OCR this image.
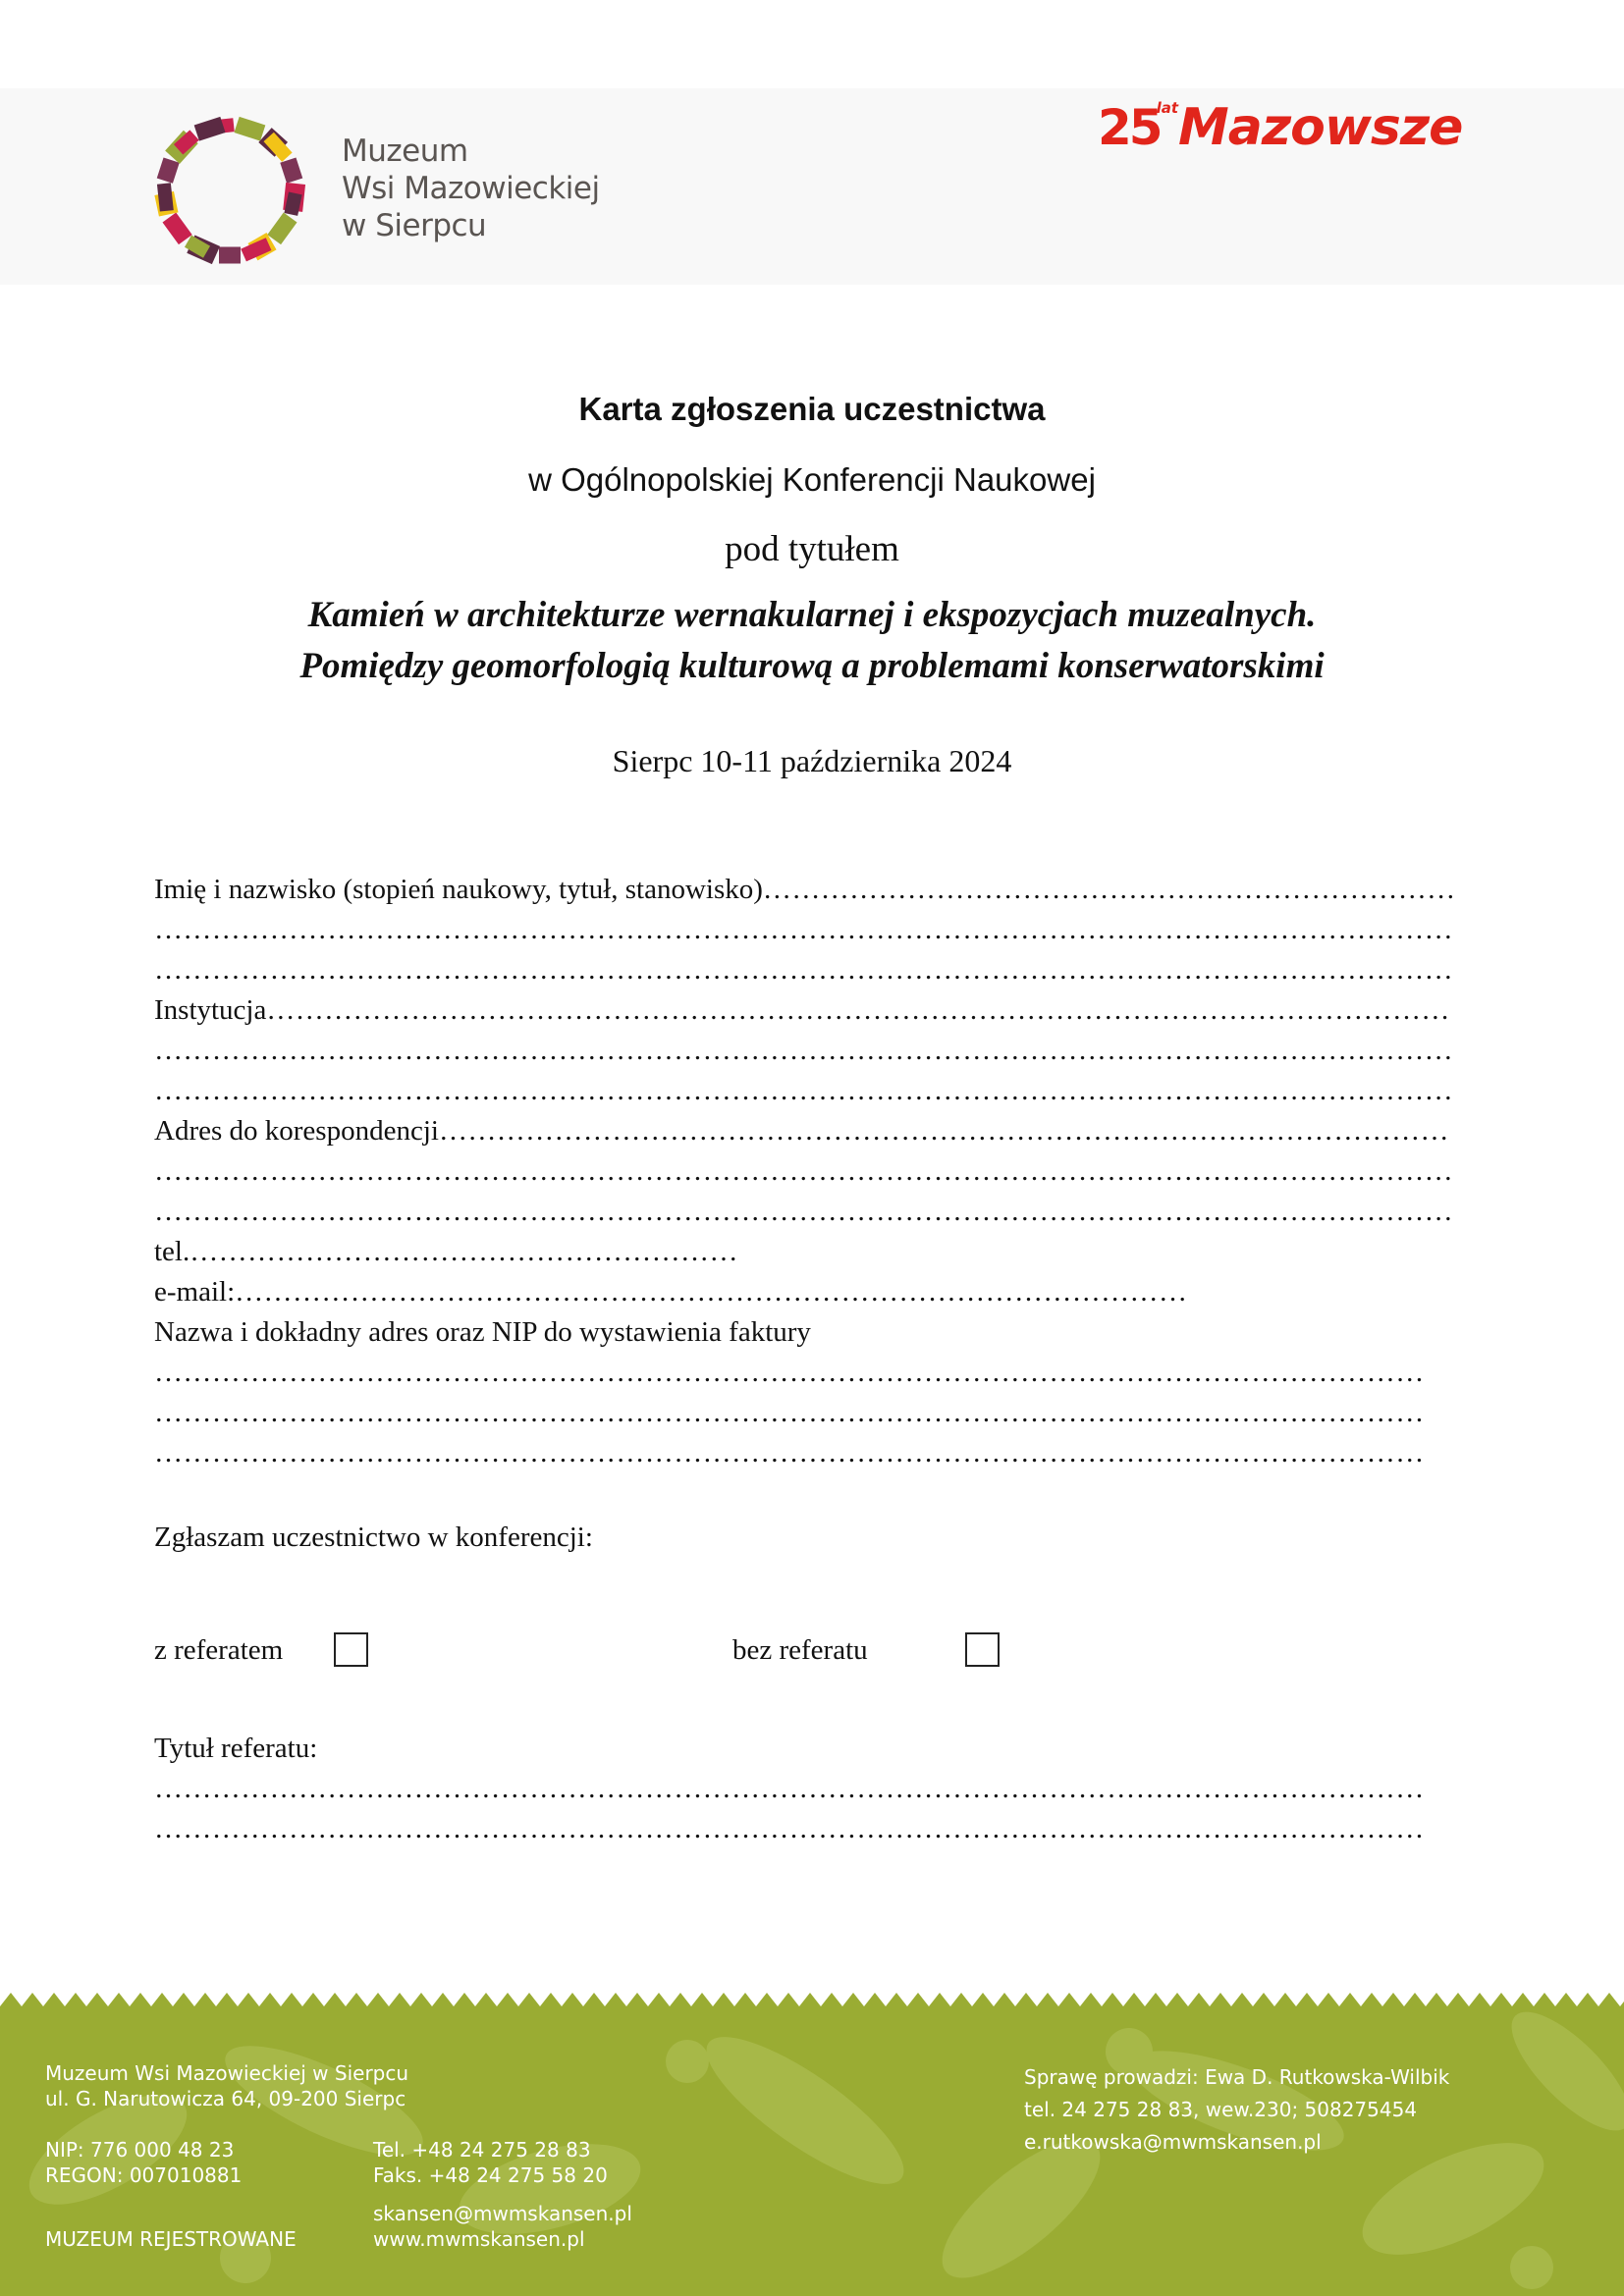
Muzeum
Wsi Mazowieckiej
w Sierpcu
25latMazowsze
Karta zgłoszenia uczestnictwa
w Ogólnopolskiej Konferencji Naukowej
pod tytułem
Kamień w architekturze wernakularnej i ekspozycjach muzealnych.
Pomiędzy geomorfologią kulturową a problemami konserwatorskimi
Sierpc 10-11 października 2024
Imię i nazwisko (stopień naukowy, tytuł, stanowisko)………………………………………………………………
………………………………………………………………………………………………………………………
………………………………………………………………………………………………………………………
Instytucja……………………………………………………………………………………………………………
………………………………………………………………………………………………………………………
………………………………………………………………………………………………………………………
Adres do korespondencji……………………………………………………………………………………………
………………………………………………………………………………………………………………………
………………………………………………………………………………………………………………………
tel.…………………………………………………
e-mail:………………………………………………………………………………………
Nazwa i dokładny adres oraz NIP do wystawienia faktury
……………………………………………………………………………………………………………………
……………………………………………………………………………………………………………………
……………………………………………………………………………………………………………………
Zgłaszam uczestnictwo w konferencji:
z referatem	bez referatu
Tytuł referatu:
……………………………………………………………………………………………………………………
……………………………………………………………………………………………………………………
Muzeum Wsi Mazowieckiej w Sierpcu
ul. G. Narutowicza 64, 09-200 Sierpc
NIP: 776 000 48 23
REGON: 007010881
MUZEUM REJESTROWANE
Tel. +48 24 275 28 83
Faks. +48 24 275 58 20
skansen@mwmskansen.pl
www.mwmskansen.pl
Sprawę prowadzi: Ewa D. Rutkowska-Wilbik
tel. 24 275 28 83, wew.230; 508275454
e.rutkowska@mwmskansen.pl
